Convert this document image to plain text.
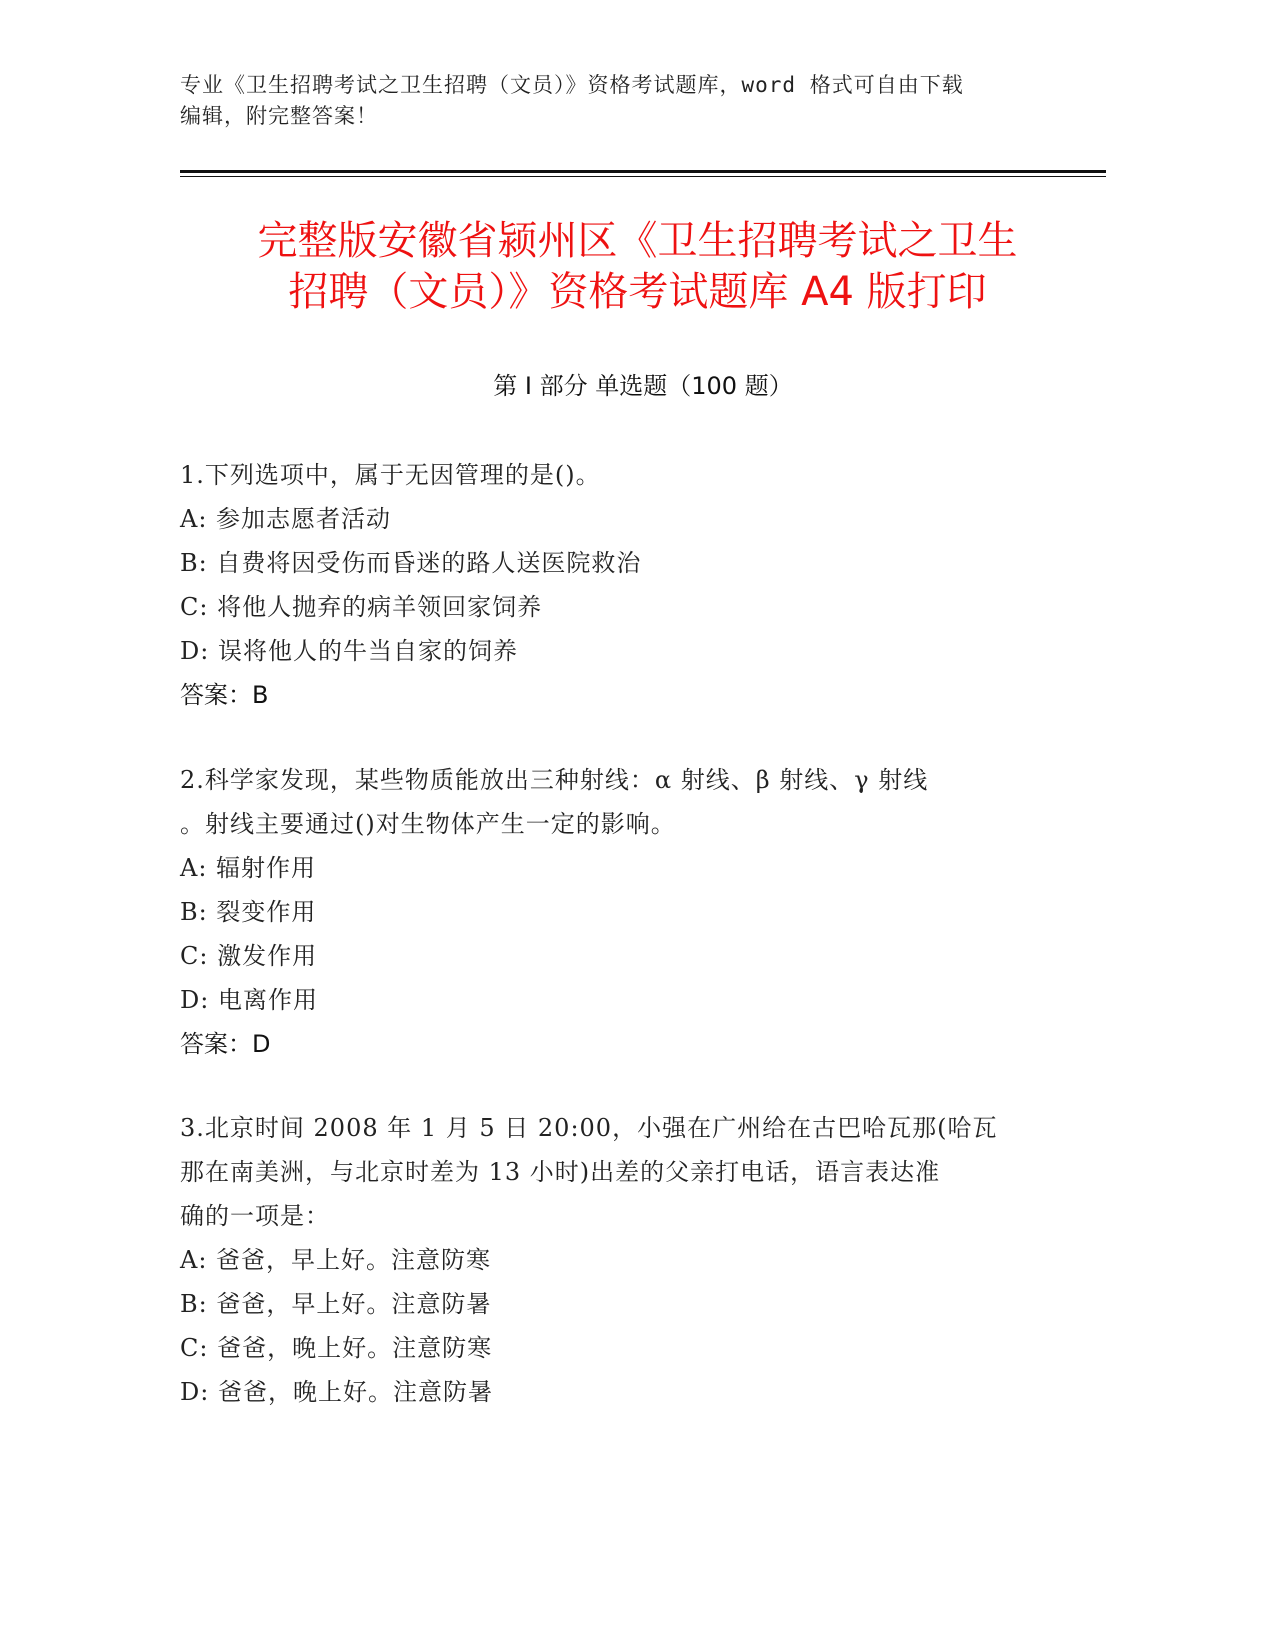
专业《卫生招聘考试之卫生招聘（文员）》资格考试题库，word 格式可自由下载
编辑，附完整答案！
完整版安徽省颍州区《卫生招聘考试之卫生
招聘（文员）》资格考试题库 A4 版打印
第 I 部分 单选题（100 题）
1.下列选项中，属于无因管理的是()。
A: 参加志愿者活动
B: 自费将因受伤而昏迷的路人送医院救治
C: 将他人抛弃的病羊领回家饲养
D: 误将他人的牛当自家的饲养
答案：B
2.科学家发现，某些物质能放出三种射线：α 射线、β 射线、γ 射线
。射线主要通过()对生物体产生一定的影响。
A: 辐射作用
B: 裂变作用
C: 激发作用
D: 电离作用
答案：D
3.北京时间 2008 年 1 月 5 日 20:00，小强在广州给在古巴哈瓦那(哈瓦
那在南美洲，与北京时差为 13 小时)出差的父亲打电话，语言表达准
确的一项是：
A: 爸爸，早上好。注意防寒
B: 爸爸，早上好。注意防暑
C: 爸爸，晚上好。注意防寒
D: 爸爸，晚上好。注意防暑
